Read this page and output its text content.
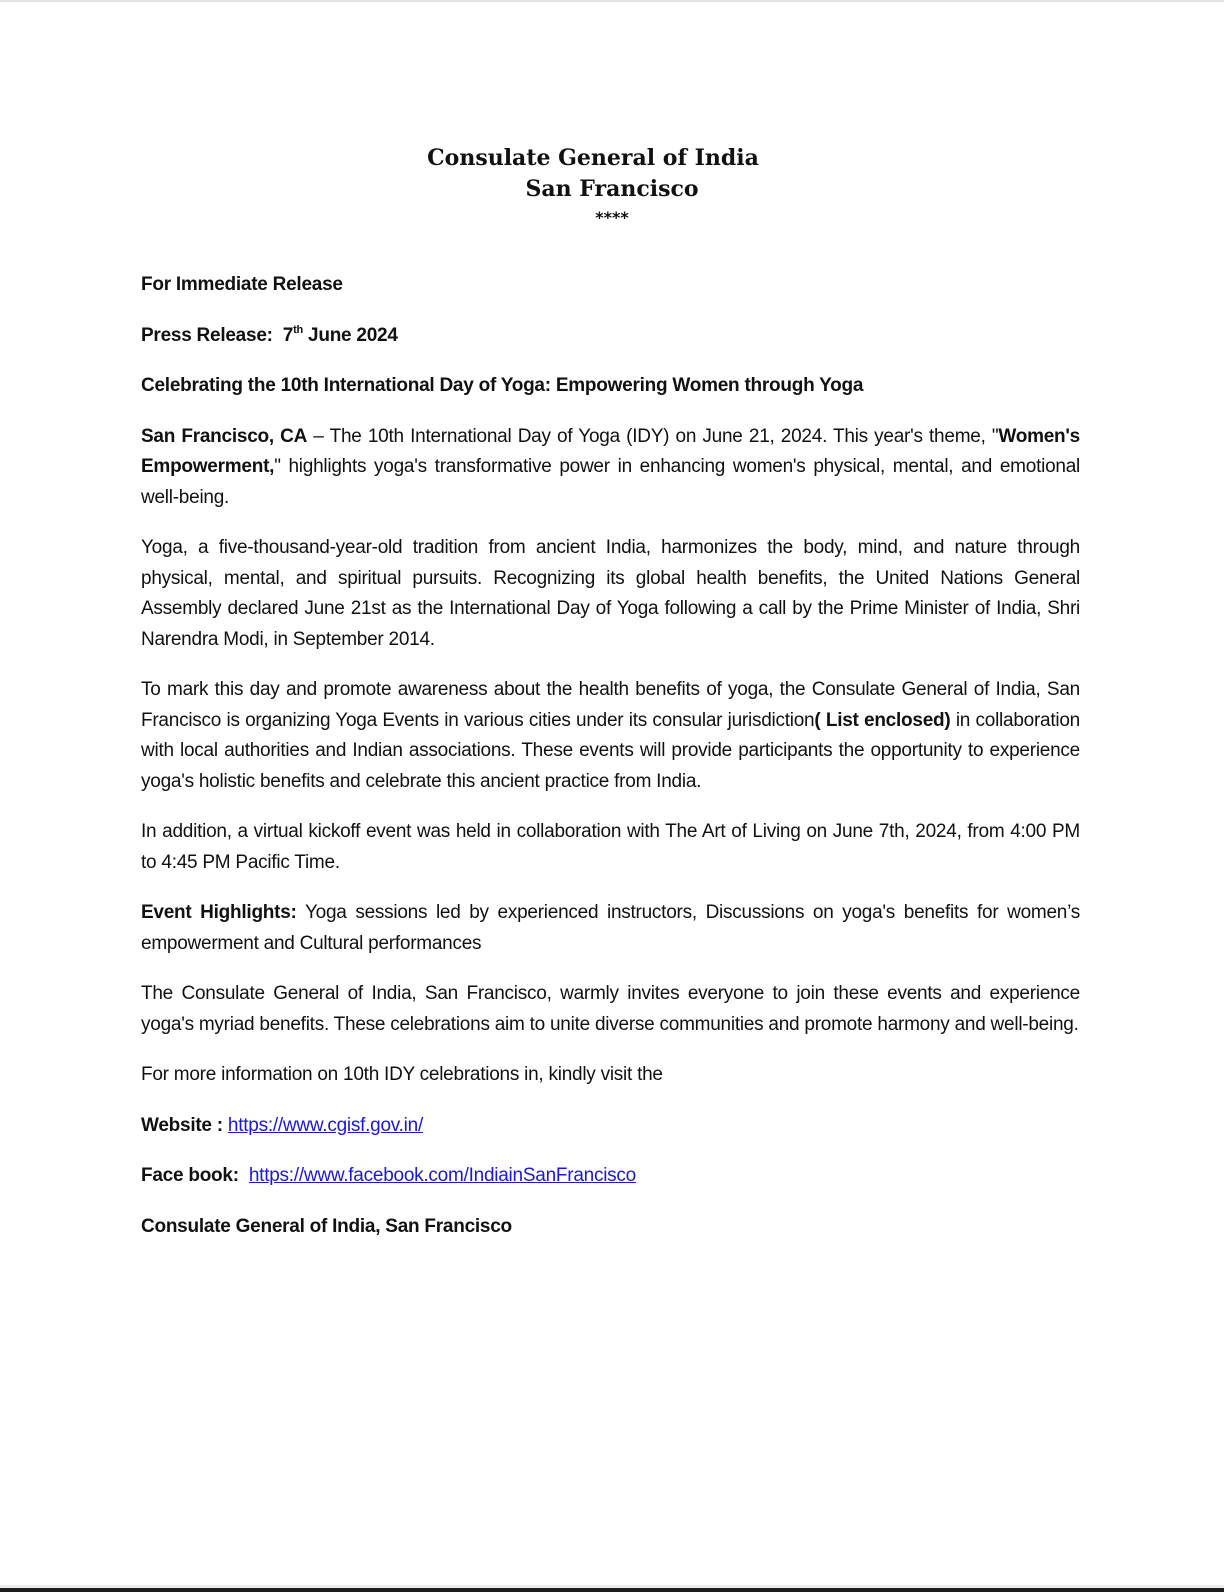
Consulate General of India
San Francisco
****

For Immediate Release

Press Release: 7th June 2024

Celebrating the 10th International Day of Yoga: Empowering Women through Yoga

San Francisco, CA – The 10th International Day of Yoga (IDY) on June 21, 2024. This year's theme, "Women's Empowerment," highlights yoga's transformative power in enhancing women's physical, mental, and emotional well-being.

Yoga, a five-thousand-year-old tradition from ancient India, harmonizes the body, mind, and nature through physical, mental, and spiritual pursuits. Recognizing its global health benefits, the United Nations General Assembly declared June 21st as the International Day of Yoga following a call by the Prime Minister of India, Shri Narendra Modi, in September 2014.

To mark this day and promote awareness about the health benefits of yoga, the Consulate General of India, San Francisco is organizing Yoga Events in various cities under its consular jurisdiction( List enclosed) in collaboration with local authorities and Indian associations. These events will provide participants the opportunity to experience yoga's holistic benefits and celebrate this ancient practice from India.

In addition, a virtual kickoff event was held in collaboration with The Art of Living on June 7th, 2024, from 4:00 PM to 4:45 PM Pacific Time.

Event Highlights: Yoga sessions led by experienced instructors, Discussions on yoga's benefits for women’s empowerment and Cultural performances

The Consulate General of India, San Francisco, warmly invites everyone to join these events and experience yoga's myriad benefits. These celebrations aim to unite diverse communities and promote harmony and well-being.

For more information on 10th IDY celebrations in, kindly visit the

Website : https://www.cgisf.gov.in/

Face book:  https://www.facebook.com/IndiainSanFrancisco

Consulate General of India, San Francisco
